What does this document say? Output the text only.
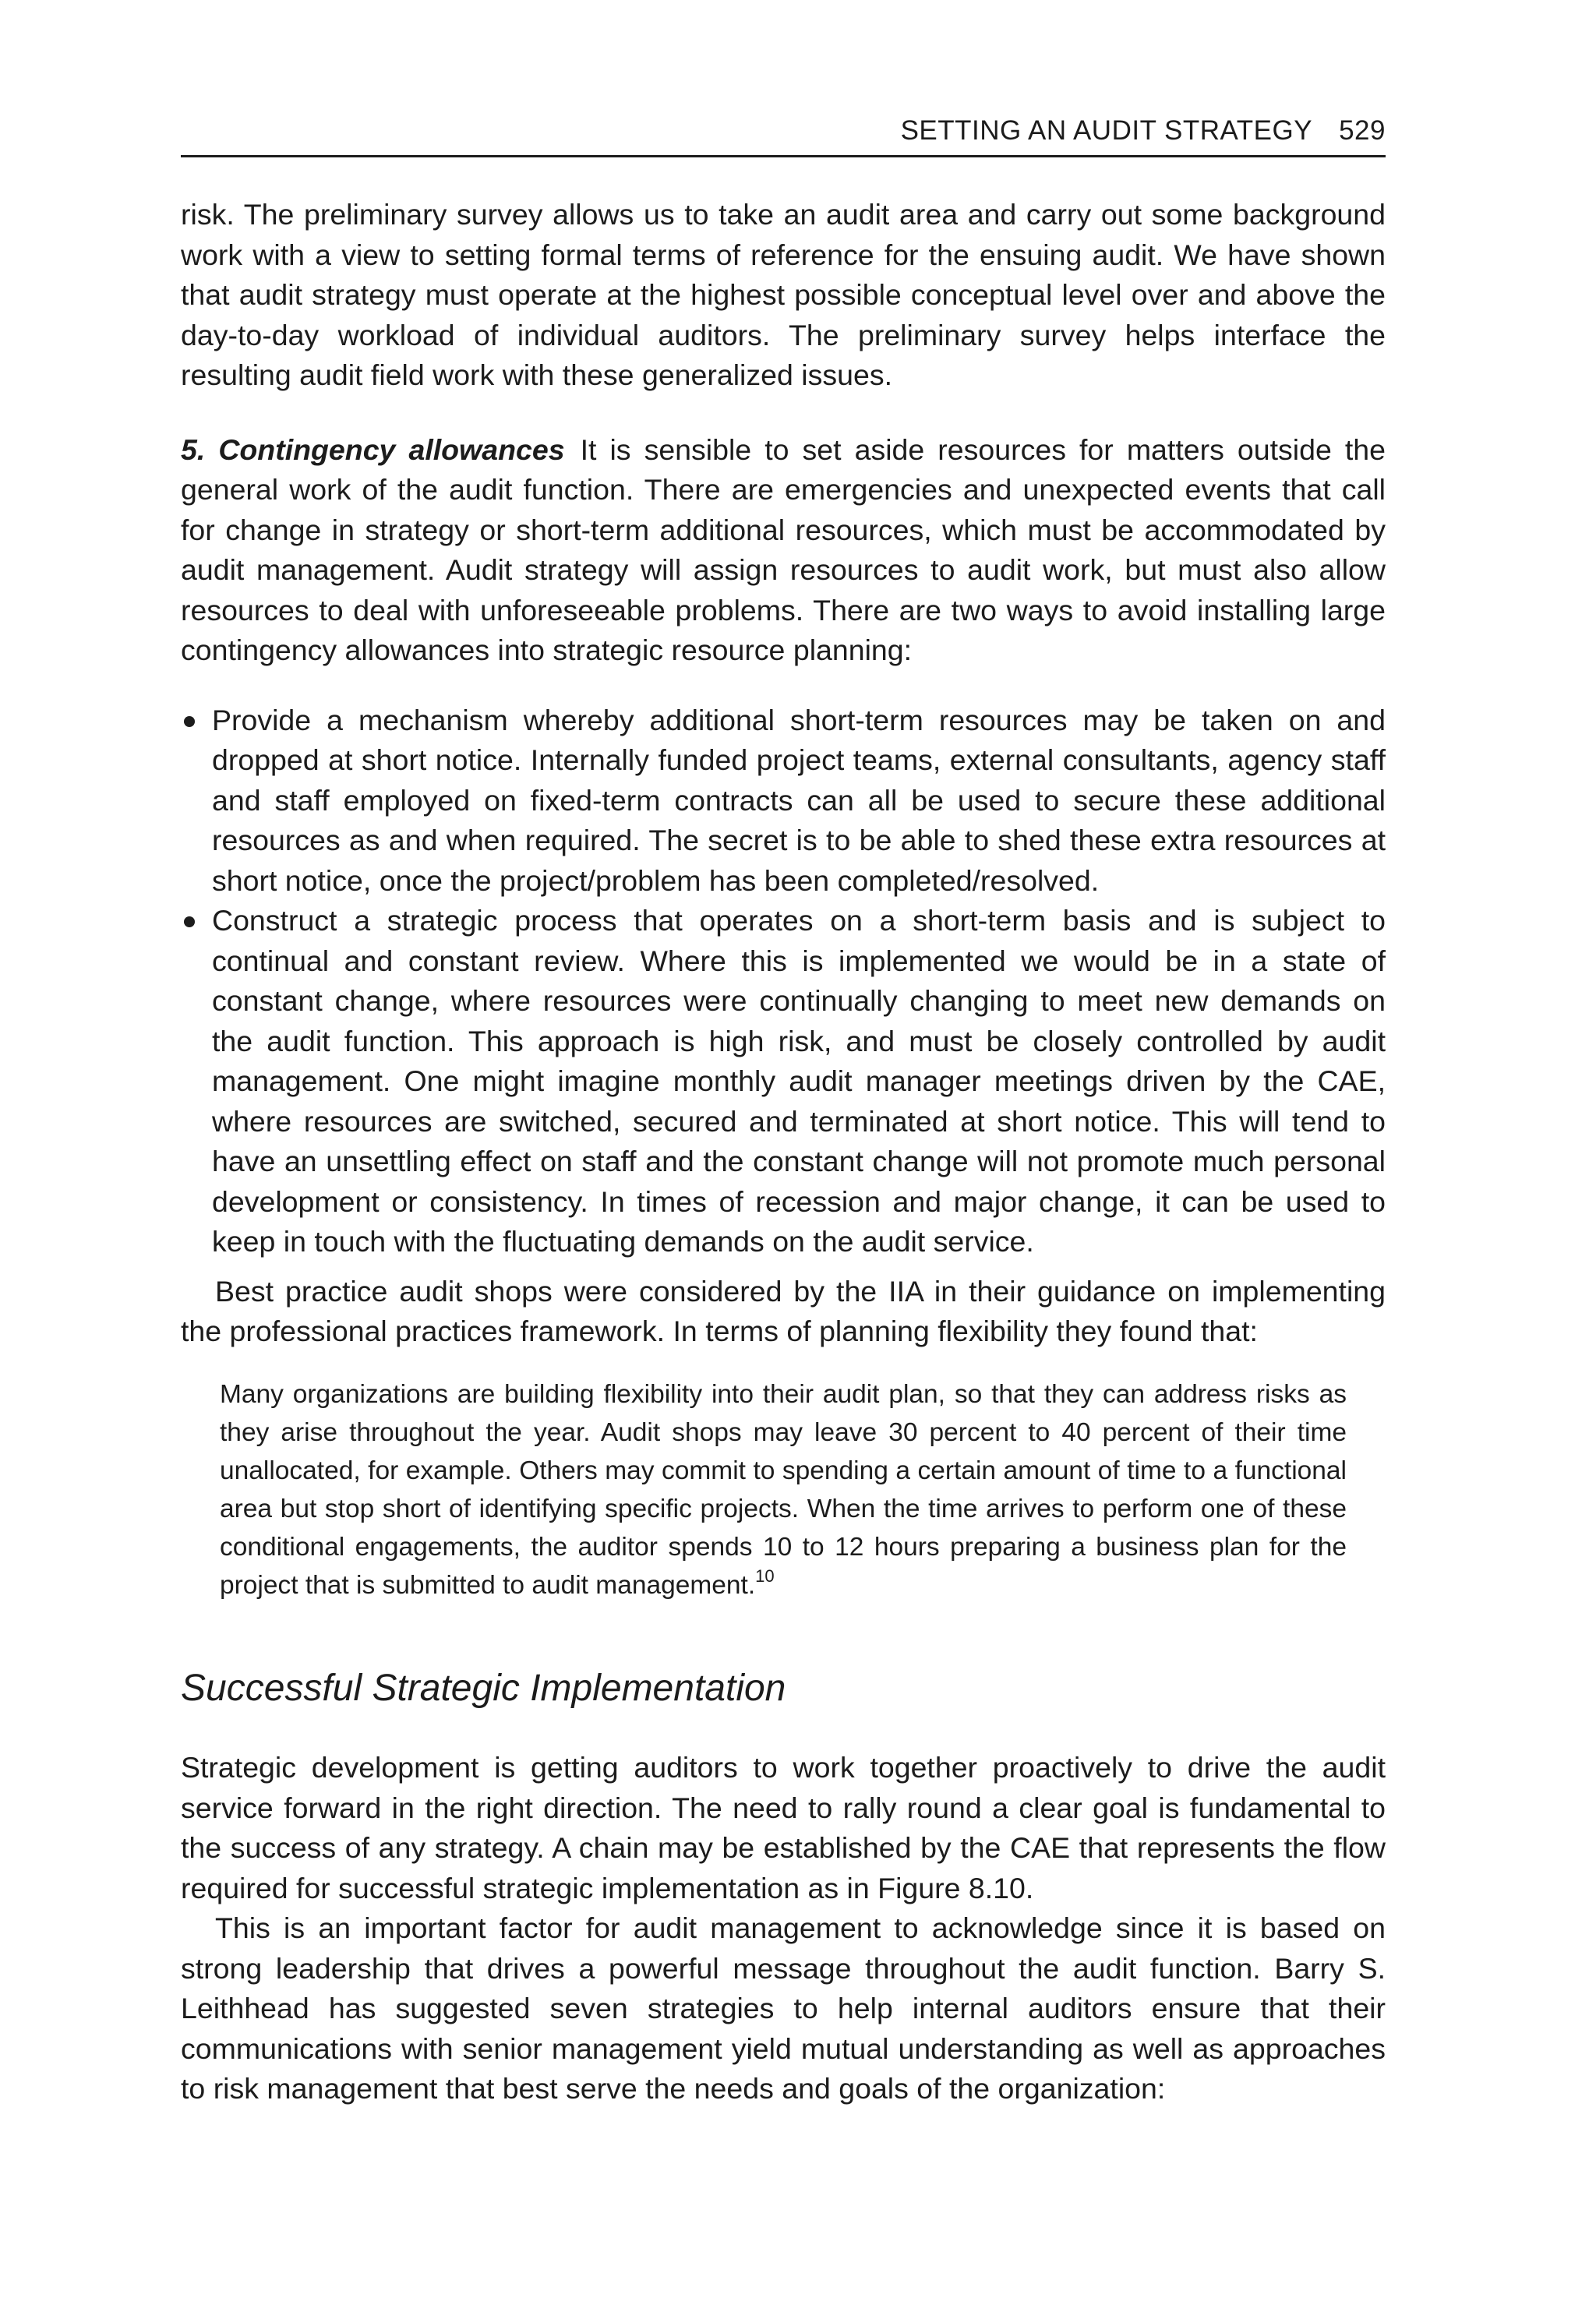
SETTING AN AUDIT STRATEGY 529

risk. The preliminary survey allows us to take an audit area and carry out some background work with a view to setting formal terms of reference for the ensuing audit. We have shown that audit strategy must operate at the highest possible conceptual level over and above the day-to-day workload of individual auditors. The preliminary survey helps interface the resulting audit field work with these generalized issues.

5. Contingency allowances It is sensible to set aside resources for matters outside the general work of the audit function. There are emergencies and unexpected events that call for change in strategy or short-term additional resources, which must be accommodated by audit management. Audit strategy will assign resources to audit work, but must also allow resources to deal with unforeseeable problems. There are two ways to avoid installing large contingency allowances into strategic resource planning:

Provide a mechanism whereby additional short-term resources may be taken on and dropped at short notice. Internally funded project teams, external consultants, agency staff and staff employed on fixed-term contracts can all be used to secure these additional resources as and when required. The secret is to be able to shed these extra resources at short notice, once the project/problem has been completed/resolved.
Construct a strategic process that operates on a short-term basis and is subject to continual and constant review. Where this is implemented we would be in a state of constant change, where resources were continually changing to meet new demands on the audit function. This approach is high risk, and must be closely controlled by audit management. One might imagine monthly audit manager meetings driven by the CAE, where resources are switched, secured and terminated at short notice. This will tend to have an unsettling effect on staff and the constant change will not promote much personal development or consistency. In times of recession and major change, it can be used to keep in touch with the fluctuating demands on the audit service.

Best practice audit shops were considered by the IIA in their guidance on implementing the professional practices framework. In terms of planning flexibility they found that:

Many organizations are building flexibility into their audit plan, so that they can address risks as they arise throughout the year. Audit shops may leave 30 percent to 40 percent of their time unallocated, for example. Others may commit to spending a certain amount of time to a functional area but stop short of identifying specific projects. When the time arrives to perform one of these conditional engagements, the auditor spends 10 to 12 hours preparing a business plan for the project that is submitted to audit management.$^{10}$
Successful Strategic Implementation

Strategic development is getting auditors to work together proactively to drive the audit service forward in the right direction. The need to rally round a clear goal is fundamental to the success of any strategy. A chain may be established by the CAE that represents the flow required for successful strategic implementation as in Figure 8.10.

This is an important factor for audit management to acknowledge since it is based on strong leadership that drives a powerful message throughout the audit function. Barry S. Leithhead has suggested seven strategies to help internal auditors ensure that their communications with senior management yield mutual understanding as well as approaches to risk management that best serve the needs and goals of the organization:
